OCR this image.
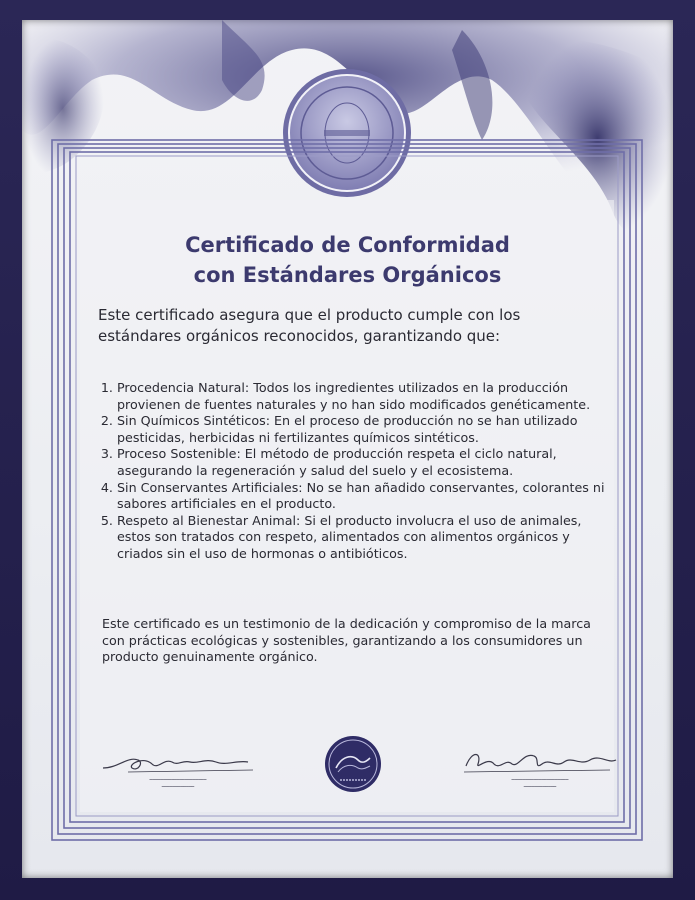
Certificado de Conformidad
con Estándares Orgánicos
Este certificado asegura que el producto cumple con los estándares orgánicos reconocidos, garantizando que:
1. Procedencia Natural: Todos los ingredientes utilizados en la producción provienen de fuentes naturales y no han sido modificados genéticamente.
2. Sin Químicos Sintéticos: En el proceso de producción no se han utilizado pesticidas, herbicidas ni fertilizantes químicos sintéticos.
3. Proceso Sostenible: El método de producción respeta el ciclo natural, asegurando la regeneración y salud del suelo y el ecosistema.
4. Sin Conservantes Artificiales: No se han añadido conservantes, colorantes ni sabores artificiales en el producto.
5. Respeto al Bienestar Animal: Si el producto involucra el uso de animales, estos son tratados con respeto, alimentados con alimentos orgánicos y criados sin el uso de hormonas o antibióticos.
Este certificado es un testimonio de la dedicación y compromiso de la marca con prácticas ecológicas y sostenibles, garantizando a los consumidores un producto genuinamente orgánico.
━━━━━━━━━━━━━━━━━━━━━
━━━━━━━━━━━━
━━━━━━━━━━━━━━━━━━━━━
━━━━━━━━━━━━
